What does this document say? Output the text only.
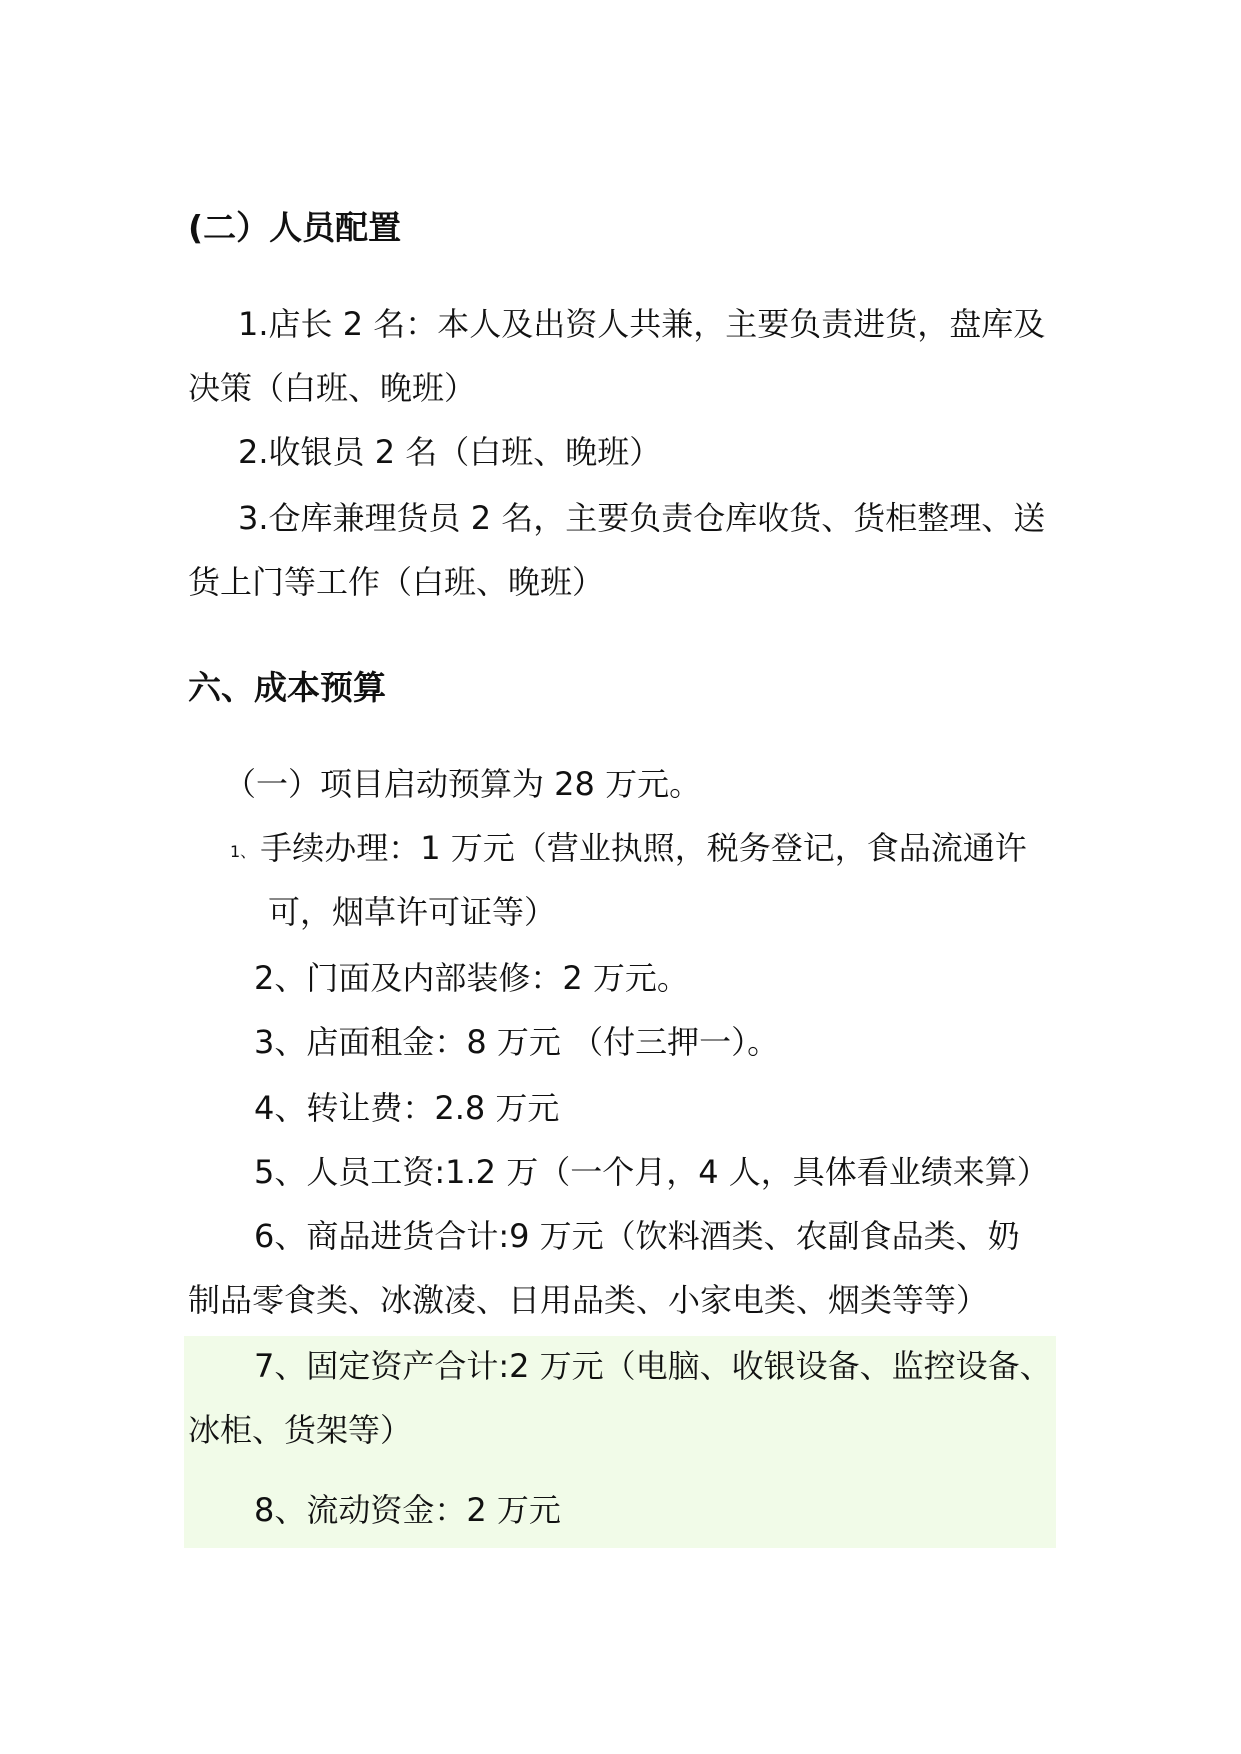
(二）人员配置
1.店长 2 名：本人及出资人共兼，主要负责进货，盘库及
决策（白班、晚班）
2.收银员 2 名（白班、晚班）
3.仓库兼理货员 2 名，主要负责仓库收货、货柜整理、送
货上门等工作（白班、晚班）
六、成本预算
（一）项目启动预算为 28 万元。
1、 手续办理：1 万元（营业执照，税务登记，食品流通许
可，烟草许可证等）
2、门面及内部装修：2 万元。
3、店面租金：8 万元 （付三押一）。
4、转让费：2.8 万元
5、人员工资:1.2 万（一个月，4 人，具体看业绩来算）
6、商品进货合计:9 万元（饮料酒类、农副食品类、奶
制品零食类、冰激凌、日用品类、小家电类、烟类等等）
7、固定资产合计:2 万元（电脑、收银设备、监控设备、
冰柜、货架等）
8、流动资金：2 万元
